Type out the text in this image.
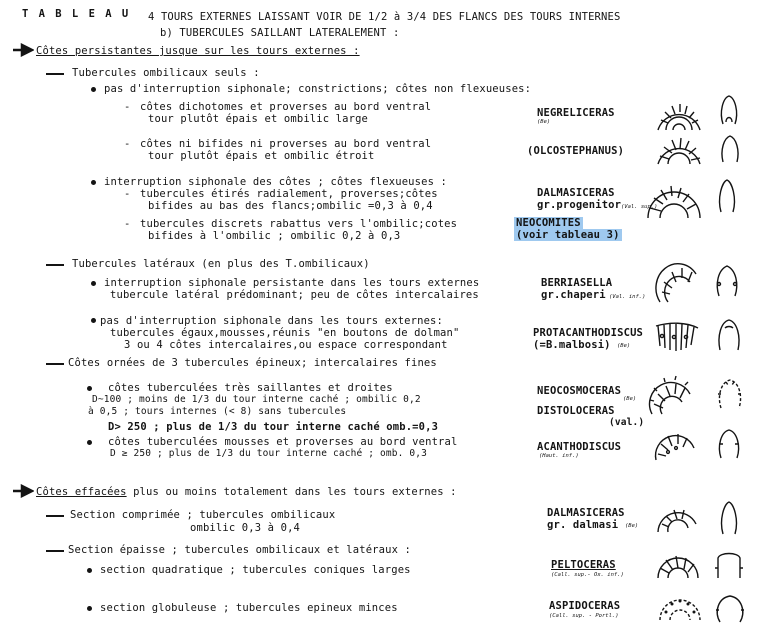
T A B L E A U 4 TOURS EXTERNES LAISSANT VOIR DE 1/2 à 3/4 DES FLANCS DES TOURS INTERNES
b) TUBERCULES SAILLANT LATERALEMENT :
Côtes persistantes jusque sur les tours externes :
Tubercules ombilicaux seuls :
pas d'interruption siphonale; constrictions; côtes non flexueuses:
- côtes dichotomes et proverses au bord ventral
tour plutôt épais et ombilic large	NEGRELICERAS
(Be)
- côtes ni bifides ni proverses au bord ventral
tour plutôt épais et ombilic étroit	(OLCOSTEPHANUS)
interruption siphonale des côtes ; côtes flexueuses :
- tubercules étirés radialement, proverses;côtes
bifides au bas des flancs;ombilic =0,3 à 0,4
DALMASICERAS
gr.progenitor (Val. sup.)
- tubercules discrets rabattus vers l'ombilic;cotes
bifides à l'ombilic ; ombilic 0,2 à 0,3
NEOCOMITES
(voir tableau 3)
Tubercules latéraux (en plus des T.ombilicaux)
interruption siphonale persistante dans les tours externes
tubercule latéral prédominant; peu de côtes intercalaires
BERRIASELLA
gr.chaperi (Val. inf.)
pas d'interruption siphonale dans les tours externes:
tubercules égaux,mousses,réunis "en boutons de dolman"
3 ou 4 côtes intercalaires,ou espace correspondant
PROTACANTHODISCUS
(=B.malbosi) (Be)
Côtes ornées de 3 tubercules épineux; intercalaires fines
côtes tuberculées très saillantes et droites
D~100 ; moins de 1/3 du tour interne caché ; ombilic 0,2
à 0,5 ; tours internes (< 8) sans tubercules
D> 250 ; plus de 1/3 du tour interne caché omb.=0,3
NEOCOSMOCERAS
(Be)
DISTOLOCERAS
(val.)
côtes tuberculées mousses et proverses au bord ventral
D ≥ 250 ; plus de 1/3 du tour interne caché ; omb. 0,3
ACANTHODISCUS
(Haut. inf.)
Côtes effacées plus ou moins totalement dans les tours externes :
Section comprimée ; tubercules ombilicaux
ombilic 0,3 à 0,4
DALMASICERAS
gr. dalmasi (Be)
Section épaisse ; tubercules ombilicaux et latéraux :
section quadratique ; tubercules coniques larges	PELTOCERAS
(Call. sup.- Ox. inf.)
section globuleuse ; tubercules epineux minces	ASPIDOCERAS
(Call. sup. - Portl.)
